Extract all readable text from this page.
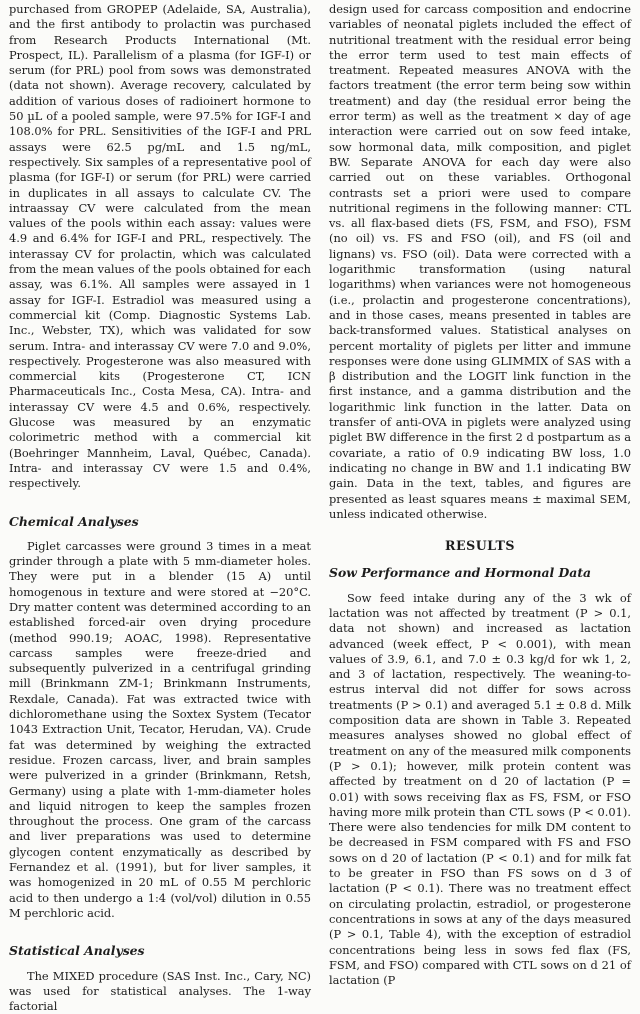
purchased from GROPEP (Adelaide, SA, Australia), and the first antibody to prolactin was purchased from Research Products International (Mt. Prospect, IL). Parallelism of a plasma (for IGF-I) or serum (for PRL) pool from sows was demonstrated (data not shown). Average recovery, calculated by addition of various doses of radioinert hormone to 50 µL of a pooled sample, were 97.5% for IGF-I and 108.0% for PRL. Sensitivities of the IGF-I and PRL assays were 62.5 pg/mL and 1.5 ng/mL, respectively. Six samples of a representative pool of plasma (for IGF-I) or serum (for PRL) were carried in duplicates in all assays to calculate CV. The intraassay CV were calculated from the mean values of the pools within each assay: values were 4.9 and 6.4% for IGF-I and PRL, respectively. The interassay CV for prolactin, which was calculated from the mean values of the pools obtained for each assay, was 6.1%. All samples were assayed in 1 assay for IGF-I. Estradiol was measured using a commercial kit (Comp. Diagnostic Systems Lab. Inc., Webster, TX), which was validated for sow serum. Intra- and interassay CV were 7.0 and 9.0%, respectively. Progesterone was also measured with commercial kits (Progesterone CT, ICN Pharmaceuticals Inc., Costa Mesa, CA). Intra- and interassay CV were 4.5 and 0.6%, respectively. Glucose was measured by an enzymatic colorimetric method with a commercial kit (Boehringer Mannheim, Laval, Québec, Canada). Intra- and interassay CV were 1.5 and 0.4%, respectively.

Chemical Analyses

Piglet carcasses were ground 3 times in a meat grinder through a plate with 5 mm-diameter holes. They were put in a blender (15 A) until homogenous in texture and were stored at −20°C. Dry matter content was determined according to an established forced-air oven drying procedure (method 990.19; AOAC, 1998). Representative carcass samples were freeze-dried and subsequently pulverized in a centrifugal grinding mill (Brinkmann ZM-1; Brinkmann Instruments, Rexdale, Canada). Fat was extracted twice with dichloromethane using the Soxtex System (Tecator 1043 Extraction Unit, Tecator, Herudan, VA). Crude fat was determined by weighing the extracted residue. Frozen carcass, liver, and brain samples were pulverized in a grinder (Brinkmann, Retsh, Germany) using a plate with 1-mm-diameter holes and liquid nitrogen to keep the samples frozen throughout the process. One gram of the carcass and liver preparations was used to determine glycogen content enzymatically as described by Fernandez et al. (1991), but for liver samples, it was homogenized in 20 mL of 0.55 M perchloric acid to then undergo a 1:4 (vol/vol) dilution in 0.55 M perchloric acid.

Statistical Analyses

The MIXED procedure (SAS Inst. Inc., Cary, NC) was used for statistical analyses. The 1-way factorial

design used for carcass composition and endocrine variables of neonatal piglets included the effect of nutritional treatment with the residual error being the error term used to test main effects of treatment. Repeated measures ANOVA with the factors treatment (the error term being sow within treatment) and day (the residual error being the error term) as well as the treatment × day of age interaction were carried out on sow feed intake, sow hormonal data, milk composition, and piglet BW. Separate ANOVA for each day were also carried out on these variables. Orthogonal contrasts set a priori were used to compare nutritional regimens in the following manner: CTL vs. all flax-based diets (FS, FSM, and FSO), FSM (no oil) vs. FS and FSO (oil), and FS (oil and lignans) vs. FSO (oil). Data were corrected with a logarithmic transformation (using natural logarithms) when variances were not homogeneous (i.e., prolactin and progesterone concentrations), and in those cases, means presented in tables are back-transformed values. Statistical analyses on percent mortality of piglets per litter and immune responses were done using GLIMMIX of SAS with a β distribution and the LOGIT link function in the first instance, and a gamma distribution and the logarithmic link function in the latter. Data on transfer of anti-OVA in piglets were analyzed using piglet BW difference in the first 2 d postpartum as a covariate, a ratio of 0.9 indicating BW loss, 1.0 indicating no change in BW and 1.1 indicating BW gain. Data in the text, tables, and figures are presented as least squares means ± maximal SEM, unless indicated otherwise.

RESULTS
Sow Performance and Hormonal Data

Sow feed intake during any of the 3 wk of lactation was not affected by treatment (P > 0.1, data not shown) and increased as lactation advanced (week effect, P < 0.001), with mean values of 3.9, 6.1, and 7.0 ± 0.3 kg/d for wk 1, 2, and 3 of lactation, respectively. The weaning-to-estrus interval did not differ for sows across treatments (P > 0.1) and averaged 5.1 ± 0.8 d. Milk composition data are shown in Table 3. Repeated measures analyses showed no global effect of treatment on any of the measured milk components (P > 0.1); however, milk protein content was affected by treatment on d 20 of lactation (P = 0.01) with sows receiving flax as FS, FSM, or FSO having more milk protein than CTL sows (P < 0.01). There were also tendencies for milk DM content to be decreased in FSM compared with FS and FSO sows on d 20 of lactation (P < 0.1) and for milk fat to be greater in FSO than FS sows on d 3 of lactation (P < 0.1). There was no treatment effect on circulating prolactin, estradiol, or progesterone concentrations in sows at any of the days measured (P > 0.1, Table 4), with the exception of estradiol concentrations being less in sows fed flax (FS, FSM, and FSO) compared with CTL sows on d 21 of lactation (P
